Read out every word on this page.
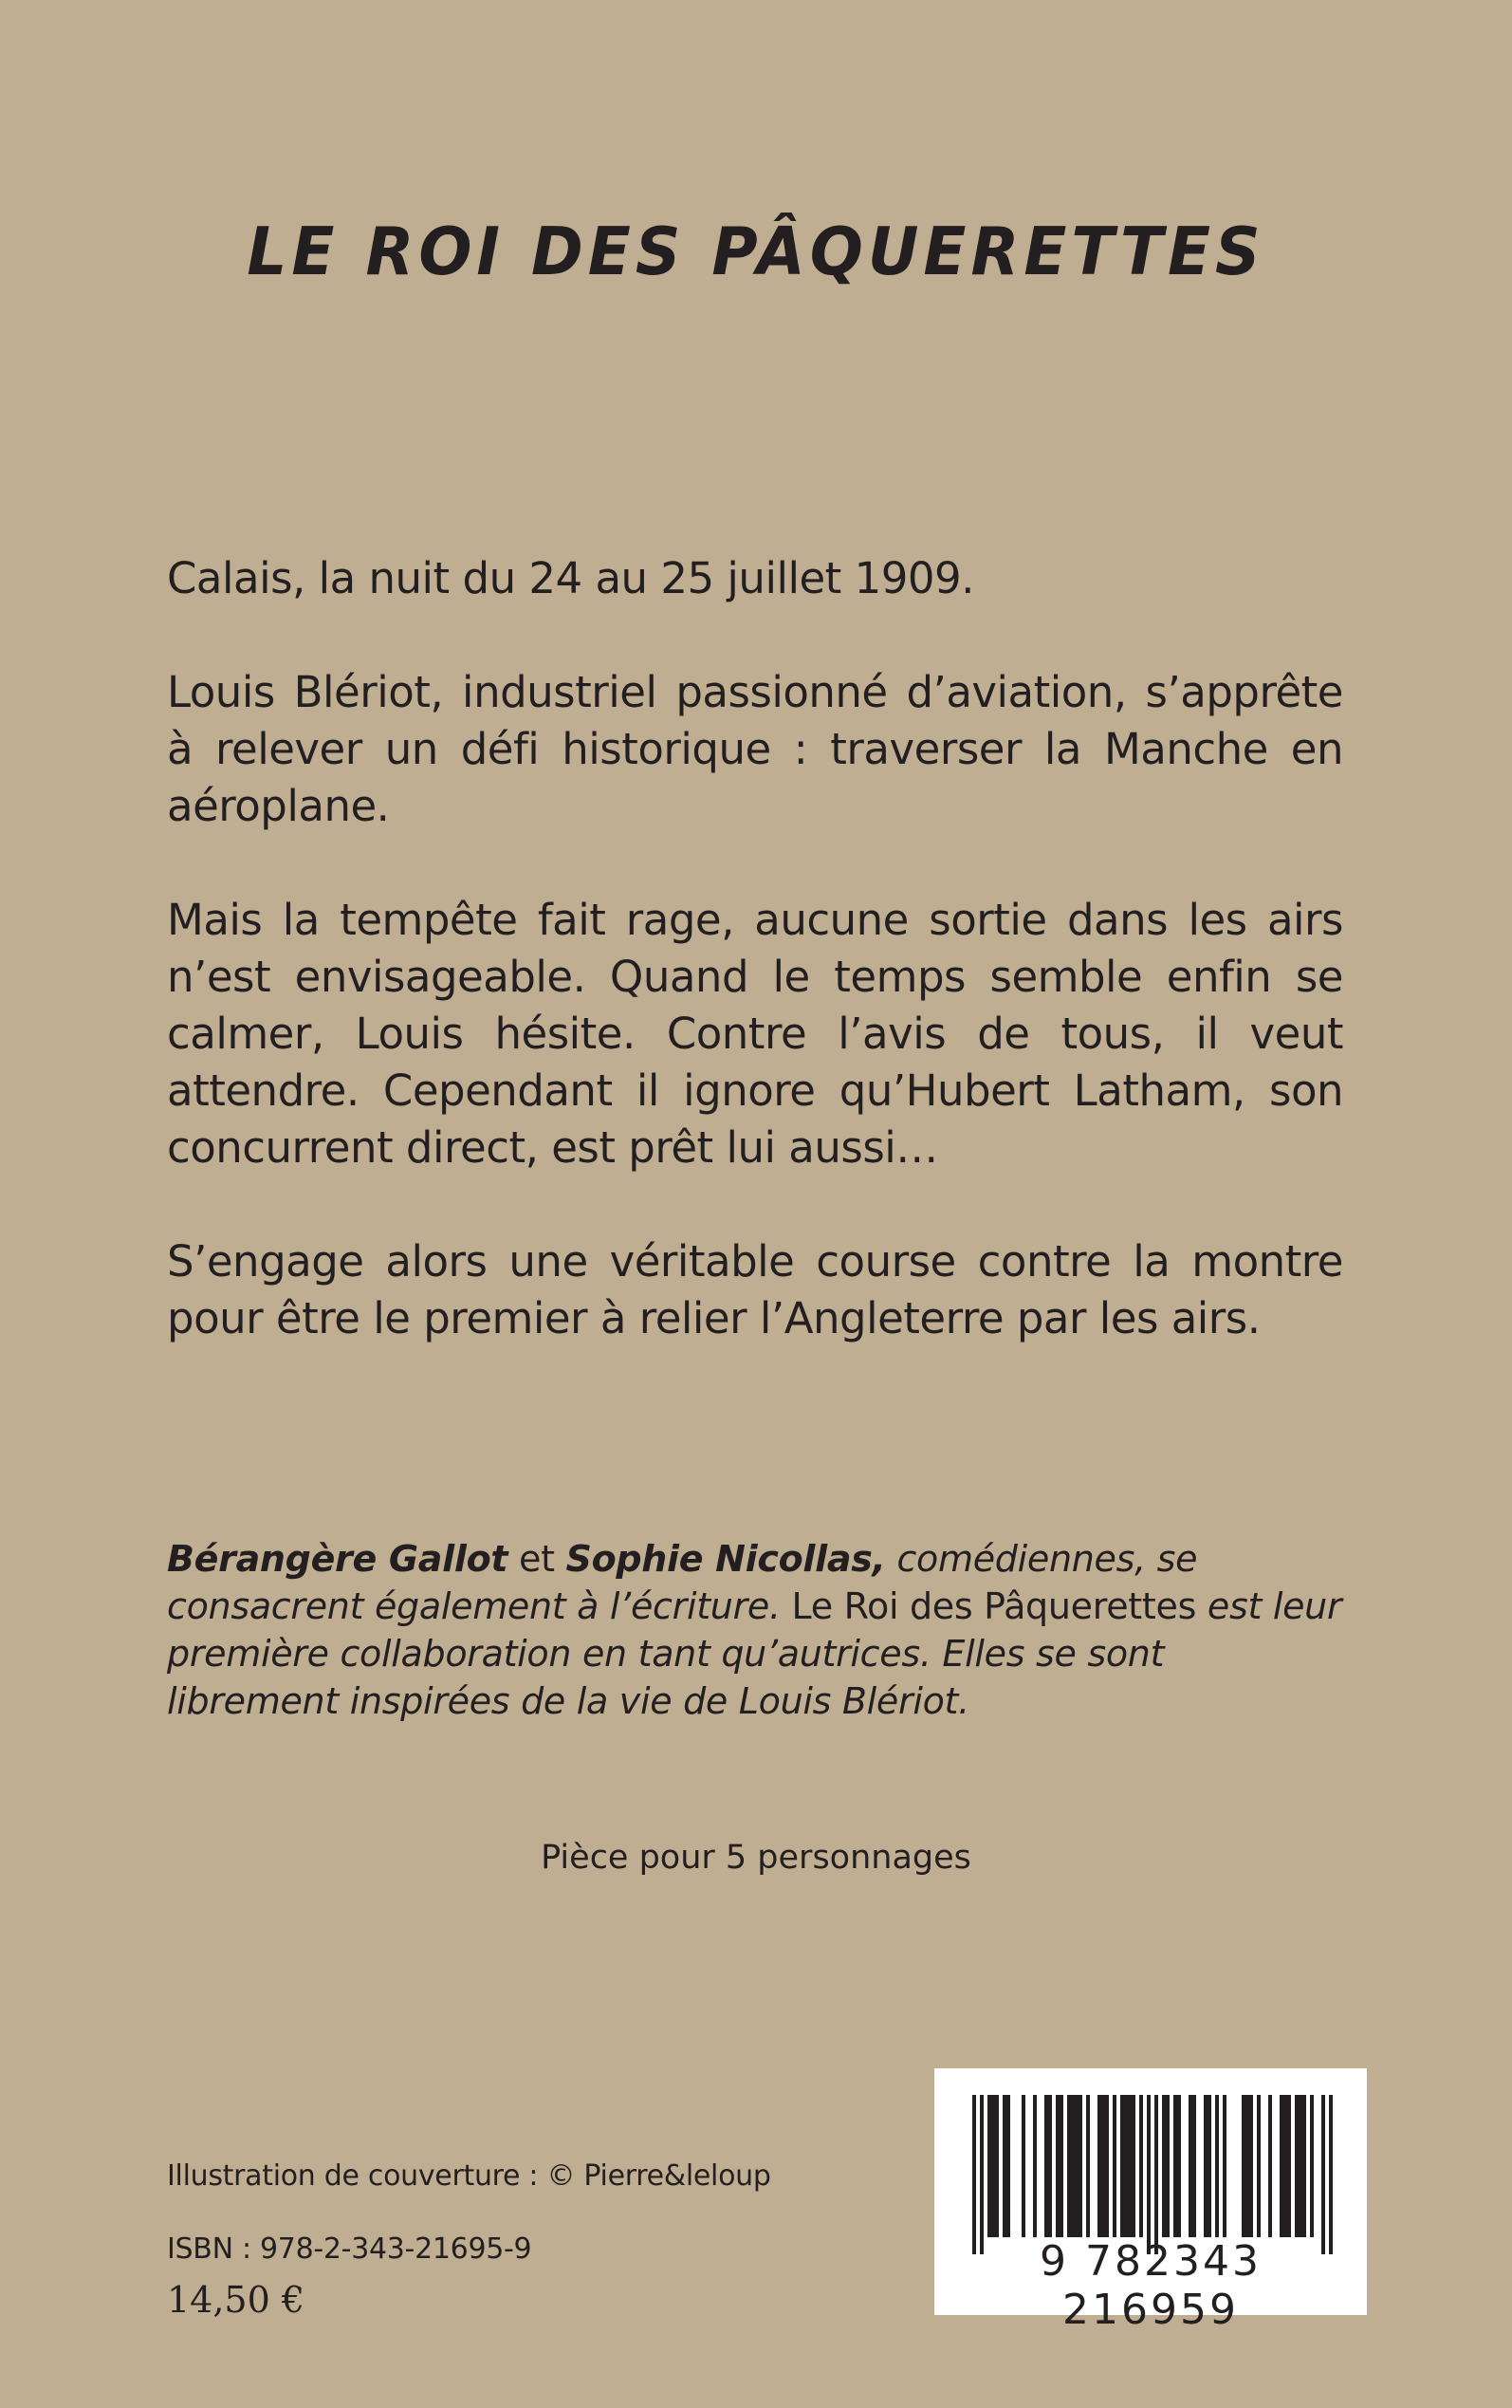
LE ROI DES PÂQUERETTES

Calais, la nuit du 24 au 25 juillet 1909.

Louis Blériot, industriel passionné d’aviation, s’apprête à relever un défi historique : traverser la Manche en aéroplane.

Mais la tempête fait rage, aucune sortie dans les airs n’est envisageable. Quand le temps semble enfin se calmer, Louis hésite. Contre l’avis de tous, il veut attendre. Cependant il ignore qu’Hubert Latham, son concurrent direct, est prêt lui aussi…

S’engage alors une véritable course contre la montre pour être le premier à relier l’Angleterre par les airs.

Bérangère Gallot et Sophie Nicollas, comédiennes, se consacrent également à l’écriture. Le Roi des Pâquerettes est leur première collaboration en tant qu’autrices. Elles se sont librement inspirées de la vie de Louis Blériot.

Pièce pour 5 personnages

Illustration de couverture : © Pierre&leloup

ISBN : 978-2-343-21695-9

14,50 €

9 782343 216959
